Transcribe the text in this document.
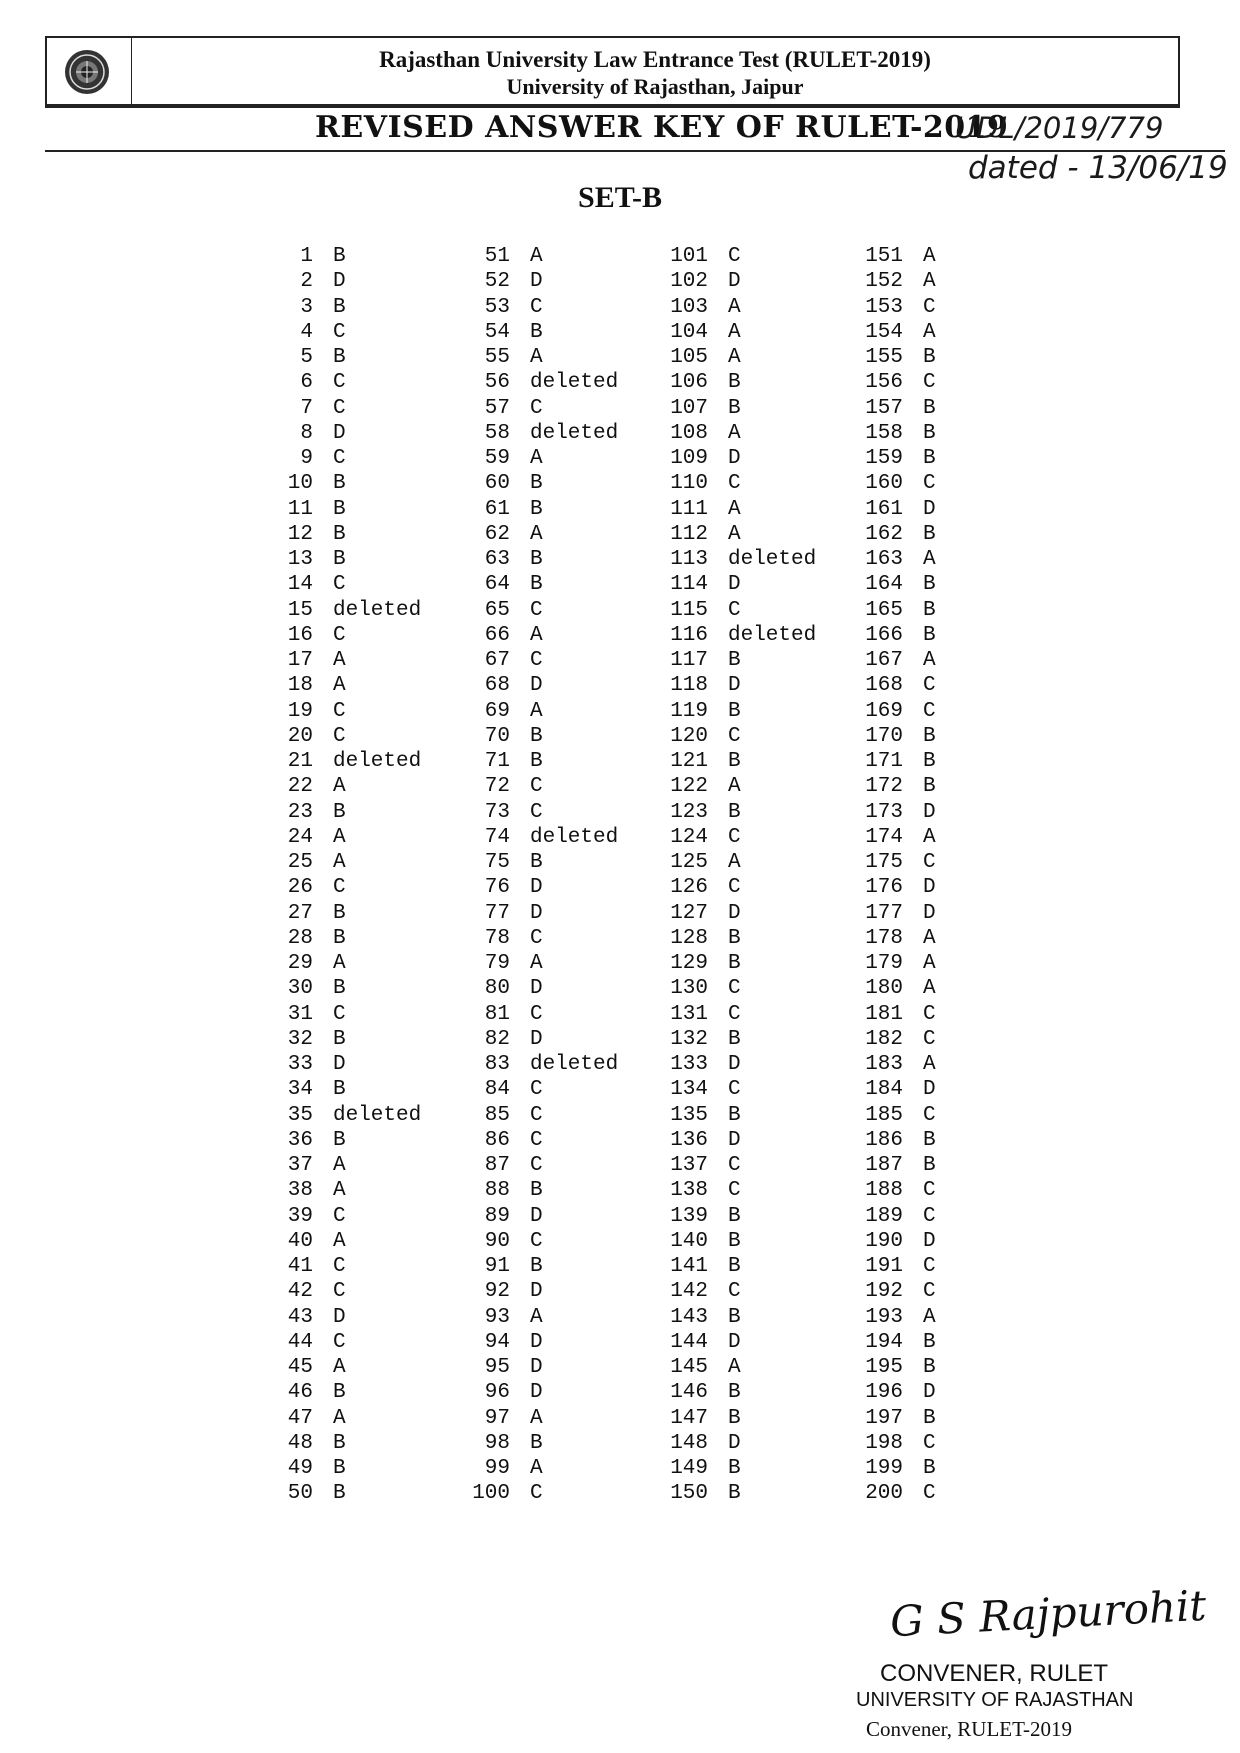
Rajasthan University Law Entrance Test (RULET-2019)
University of Rajasthan, Jaipur
REVISED ANSWER KEY OF RULET-2019
UDL/2019/779
dated - 13/06/19
SET-B
1 B
2 D
3 B
4 C
5 B
6 C
7 C
8 D
9 C
10 B
11 B
12 B
13 B
14 C
15 deleted
16 C
17 A
18 A
19 C
20 C
21 deleted
22 A
23 B
24 A
25 A
26 C
27 B
28 B
29 A
30 B
31 C
32 B
33 D
34 B
35 deleted
36 B
37 A
38 A
39 C
40 A
41 C
42 C
43 D
44 C
45 A
46 B
47 A
48 B
49 B
50 B
51 A
52 D
53 C
54 B
55 A
56 deleted
57 C
58 deleted
59 A
60 B
61 B
62 A
63 B
64 B
65 C
66 A
67 C
68 D
69 A
70 B
71 B
72 C
73 C
74 deleted
75 B
76 D
77 D
78 C
79 A
80 D
81 C
82 D
83 deleted
84 C
85 C
86 C
87 C
88 B
89 D
90 C
91 B
92 D
93 A
94 D
95 D
96 D
97 A
98 B
99 A
100 C
101 C
102 D
103 A
104 A
105 A
106 B
107 B
108 A
109 D
110 C
111 A
112 A
113 deleted
114 D
115 C
116 deleted
117 B
118 D
119 B
120 C
121 B
122 A
123 B
124 C
125 A
126 C
127 D
128 B
129 B
130 C
131 C
132 B
133 D
134 C
135 B
136 D
137 C
138 C
139 B
140 B
141 B
142 C
143 B
144 D
145 A
146 B
147 B
148 D
149 B
150 B
151 A
152 A
153 C
154 A
155 B
156 C
157 B
158 B
159 B
160 C
161 D
162 B
163 A
164 B
165 B
166 B
167 A
168 C
169 C
170 B
171 B
172 B
173 D
174 A
175 C
176 D
177 D
178 A
179 A
180 A
181 C
182 C
183 A
184 D
185 C
186 B
187 B
188 C
189 C
190 D
191 C
192 C
193 A
194 B
195 B
196 D
197 B
198 C
199 B
200 C
G S Rajpurohit
CONVENER, RULET
UNIVERSITY OF RAJASTHAN
Convener, RULET-2019
